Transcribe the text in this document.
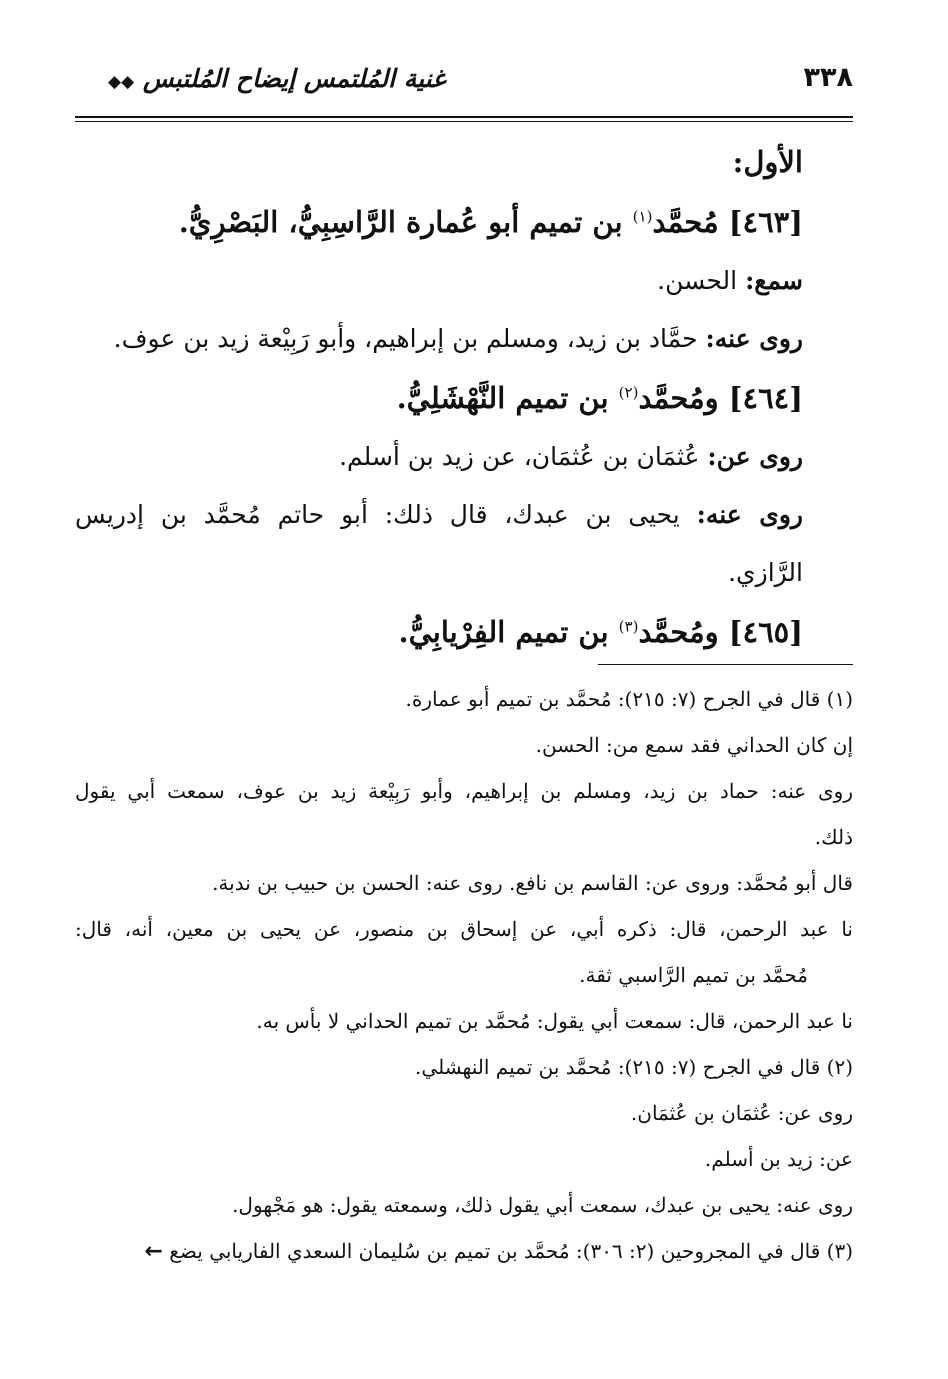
٣٣٨
غنية المُلتمس إيضاح المُلتبس ◆◆
الأول:
[٤٦٣] مُحمَّد$^{(١)}$ بن تميم أبو عُمارة الرَّاسِبِيُّ، البَصْرِيُّ.
سمع: الحسن.
روى عنه: حمَّاد بن زيد، ومسلم بن إبراهيم، وأبو رَبِيْعة زيد بن عوف.
[٤٦٤] ومُحمَّد$^{(٢)}$ بن تميم النَّهْشَلِيُّ.
روى عن: عُثمَان بن عُثمَان، عن زيد بن أسلم.
روى عنه: يحيى بن عبدك، قال ذلك: أبو حاتم مُحمَّد بن إدريس
الرَّازي.
[٤٦٥] ومُحمَّد$^{(٣)}$ بن تميم الفِرْيابِيُّ.
(١) قال في الجرح (٧: ٢١٥): مُحمَّد بن تميم أبو عمارة.
إن كان الحداني فقد سمع من: الحسن.
روى عنه: حماد بن زيد، ومسلم بن إبراهيم، وأبو رَبِيْعة زيد بن عوف، سمعت أبي يقول
ذلك.
قال أبو مُحمَّد: وروى عن: القاسم بن نافع. روى عنه: الحسن بن حبيب بن ندبة.
نا عبد الرحمن، قال: ذكره أبي، عن إسحاق بن منصور، عن يحيى بن معين، أنه، قال:
مُحمَّد بن تميم الرَّاسبي ثقة.
نا عبد الرحمن، قال: سمعت أبي يقول: مُحمَّد بن تميم الحداني لا بأس به.
(٢) قال في الجرح (٧: ٢١٥): مُحمَّد بن تميم النهشلي.
روى عن: عُثمَان بن عُثمَان.
عن: زيد بن أسلم.
روى عنه: يحيى بن عبدك، سمعت أبي يقول ذلك، وسمعته يقول: هو مَجْهول.
(٣) قال في المجروحين (٢: ٣٠٦): مُحمَّد بن تميم بن سُليمان السعدي الفاريابي يضع ←
